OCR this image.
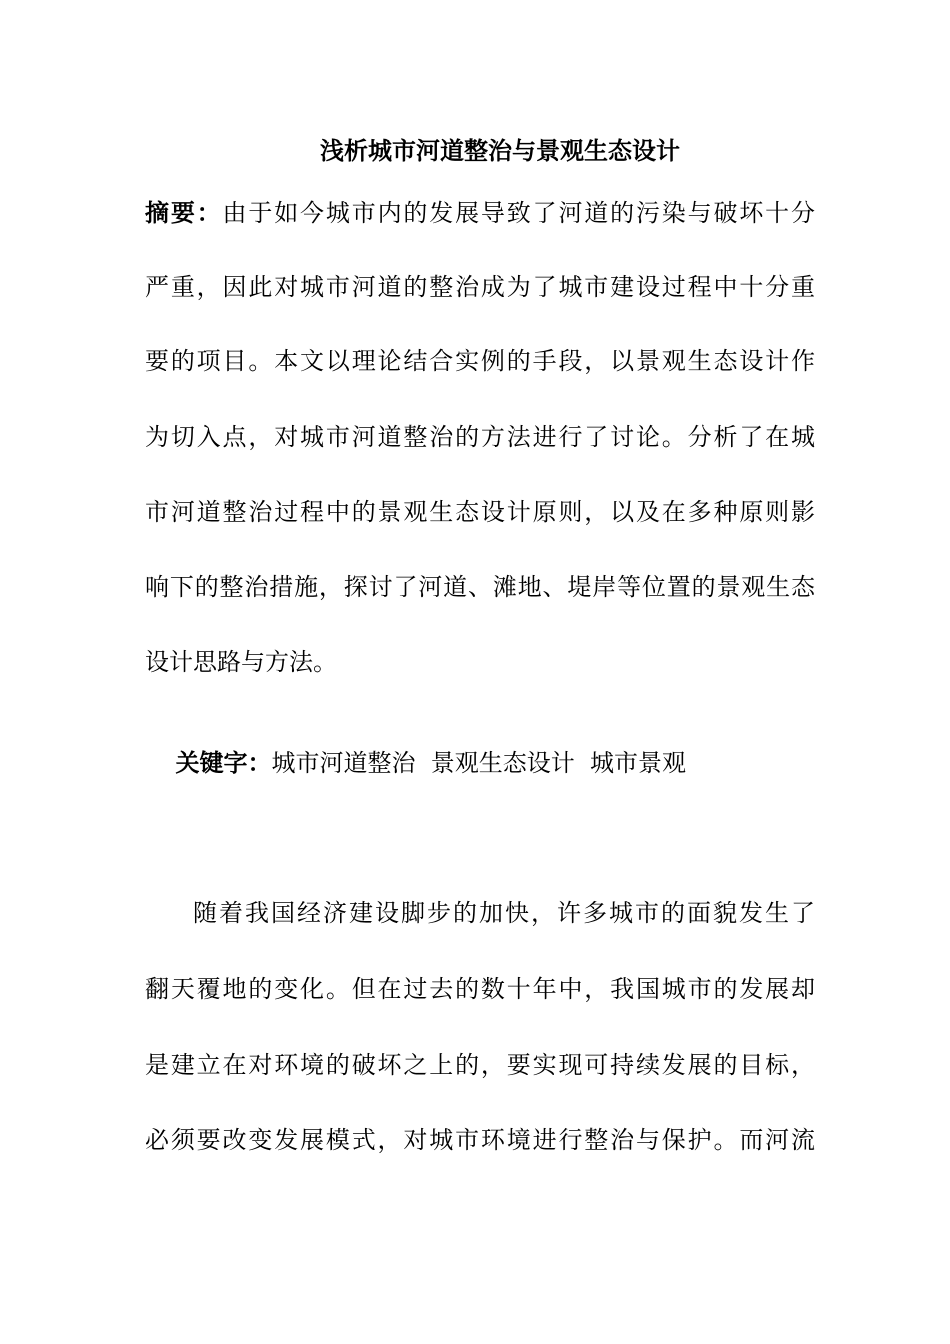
浅析城市河道整治与景观生态设计
摘要：由于如今城市内的发展导致了河道的污染与破坏十分
严重，因此对城市河道的整治成为了城市建设过程中十分重
要的项目。本文以理论结合实例的手段，以景观生态设计作
为切入点，对城市河道整治的方法进行了讨论。分析了在城
市河道整治过程中的景观生态设计原则，以及在多种原则影
响下的整治措施，探讨了河道、滩地、堤岸等位置的景观生态
设计思路与方法。

关键字：城市河道整治  景观生态设计  城市景观

随着我国经济建设脚步的加快，许多城市的面貌发生了
翻天覆地的变化。但在过去的数十年中，我国城市的发展却
是建立在对环境的破坏之上的，要实现可持续发展的目标，
必须要改变发展模式，对城市环境进行整治与保护。而河流
